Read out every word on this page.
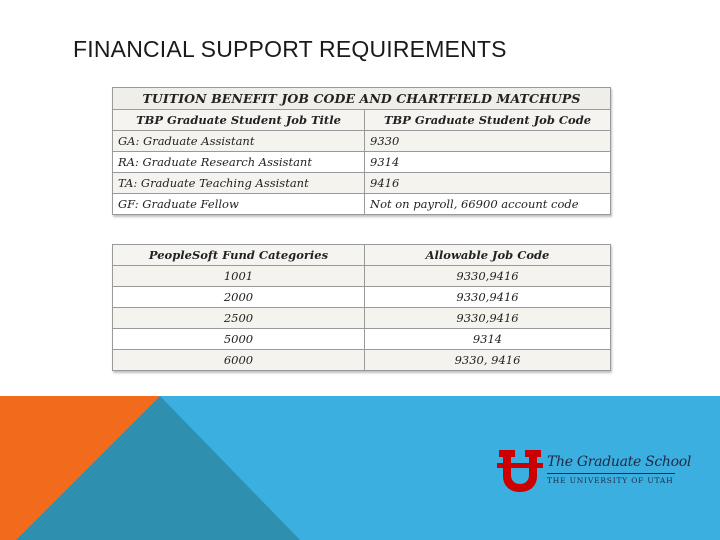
FINANCIAL SUPPORT REQUIREMENTS
TUITION BENEFIT JOB CODE AND CHARTFIELD MATCHUPS	
TBP Graduate Student Job Title	TBP Graduate Student Job Code
GA: Graduate Assistant	9330
RA: Graduate Research Assistant	9314
TA: Graduate Teaching Assistant	9416
GF: Graduate Fellow	Not on payroll, 66900 account code
PeopleSoft Fund Categories	Allowable Job Code
1001	9330,9416
2000	9330,9416
2500	9330,9416
5000	9314
6000	9330, 9416
The Graduate School
THE UNIVERSITY OF UTAH
